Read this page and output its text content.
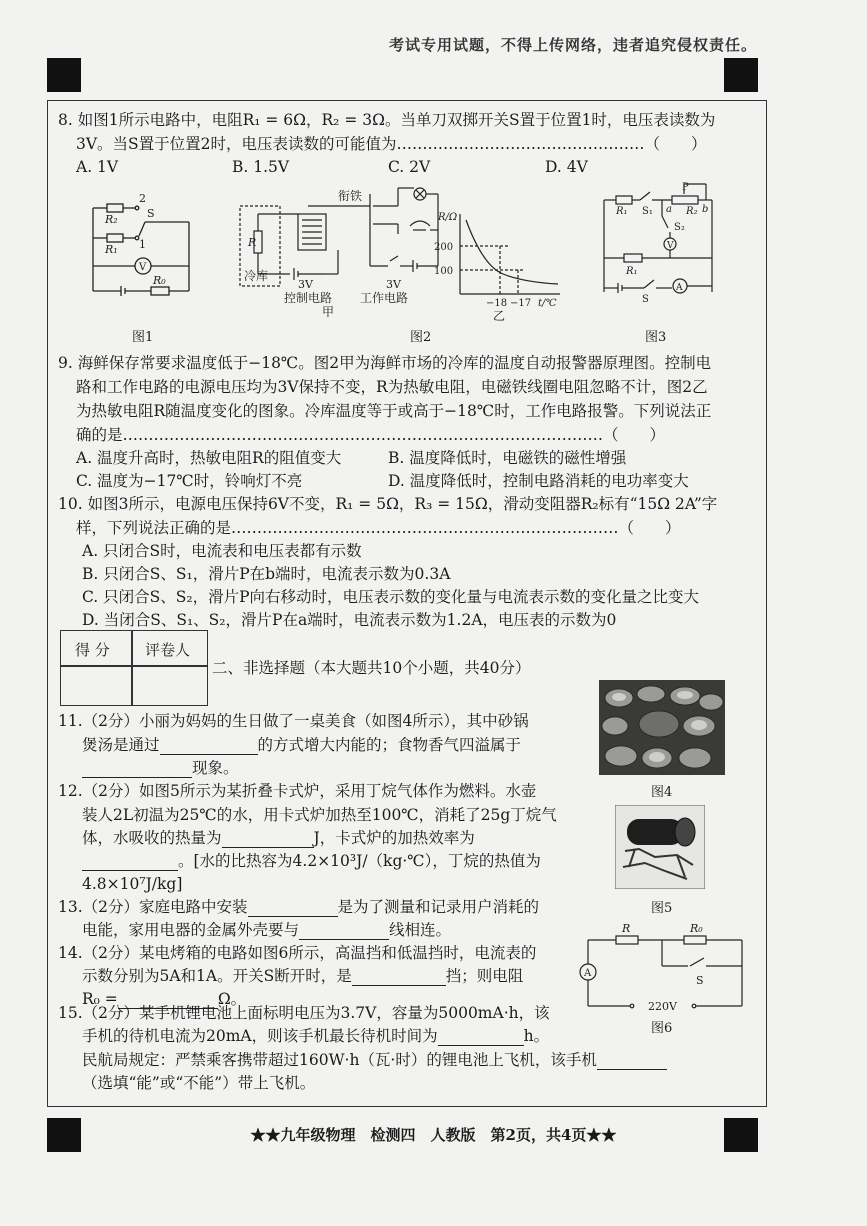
考试专用试题，不得上传网络，违者追究侵权责任。
8. 如图1所示电路中，电阻R₁ = 6Ω，R₂ = 3Ω。当单刀双掷开关S置于位置1时，电压表读数为
3V。当S置于位置2时，电压表读数的可能值为…………………………………………（　　）
A. 1V	B. 1.5V	C. 2V	D. 4V
2
S
1
R₂
R₁
V
R₀
图1
衔铁
R
冷库
3V	3V
控制电路 工作电路
甲
R/Ω
200
100
−18 −17 t/℃
乙
图2
P
R₁ S₁ a	b
R₂
S₂
V
R₁
S
A
图3
9. 海鲜保存常要求温度低于−18℃。图2甲为海鲜市场的冷库的温度自动报警器原理图。控制电
路和工作电路的电源电压均为3V保持不变，R为热敏电阻，电磁铁线圈电阻忽略不计，图2乙
为热敏电阻R随温度变化的图象。冷库温度等于或高于−18℃时，工作电路报警。下列说法正
确的是…………………………………………………………………………………（　　）
A. 温度升高时，热敏电阻R的阻值变大	B. 温度降低时，电磁铁的磁性增强
C. 温度为−17℃时，铃响灯不亮	D. 温度降低时，控制电路消耗的电功率变大
10. 如图3所示，电源电压保持6V不变，R₁ = 5Ω，R₃ = 15Ω，滑动变阻器R₂标有“15Ω 2A”字
样，下列说法正确的是…………………………………………………………………（　　）
A. 只闭合S时，电流表和电压表都有示数
B. 只闭合S、S₁，滑片P在b端时，电流表示数为0.3A
C. 只闭合S、S₂，滑片P向右移动时，电压表示数的变化量与电流表示数的变化量之比变大
D. 当闭合S、S₁、S₂，滑片P在a端时，电流表示数为1.2A，电压表的示数为0
得 分 评卷人
二、非选择题（本大题共10个小题，共40分）
图4
11.（2分）小丽为妈妈的生日做了一桌美食（如图4所示），其中砂锅
煲汤是通过	的方式增大内能的；食物香气四溢属于
现象。
12.（2分）如图5所示为某折叠卡式炉，采用丁烷气体作为燃料。水壶
装人2L初温为25℃的水，用卡式炉加热至100℃，消耗了25g丁烷气
体，水吸收的热量为	J，卡式炉的加热效率为
。[水的比热容为4.2×10³J/（kg·℃），丁烷的热值为
4.8×10⁷J/kg]
图5
13.（2分）家庭电路中安装	是为了测量和记录用户消耗的
电能，家用电器的金属外壳要与	线相连。
14.（2分）某电烤箱的电路如图6所示，高温挡和低温挡时，电流表的
示数分别为5A和1A。开关S断开时，是	挡；则电阻
R₀ =	Ω。
R	R₀
S
A
220V
图6
15.（2分）某手机锂电池上面标明电压为3.7V，容量为5000mA·h，该
手机的待机电流为20mA，则该手机最长待机时间为	h。
民航局规定：严禁乘客携带超过160W·h（瓦·时）的锂电池上飞机，该手机
（选填“能”或“不能”）带上飞机。
★★九年级物理　检测四　人教版　第2页，共4页★★
